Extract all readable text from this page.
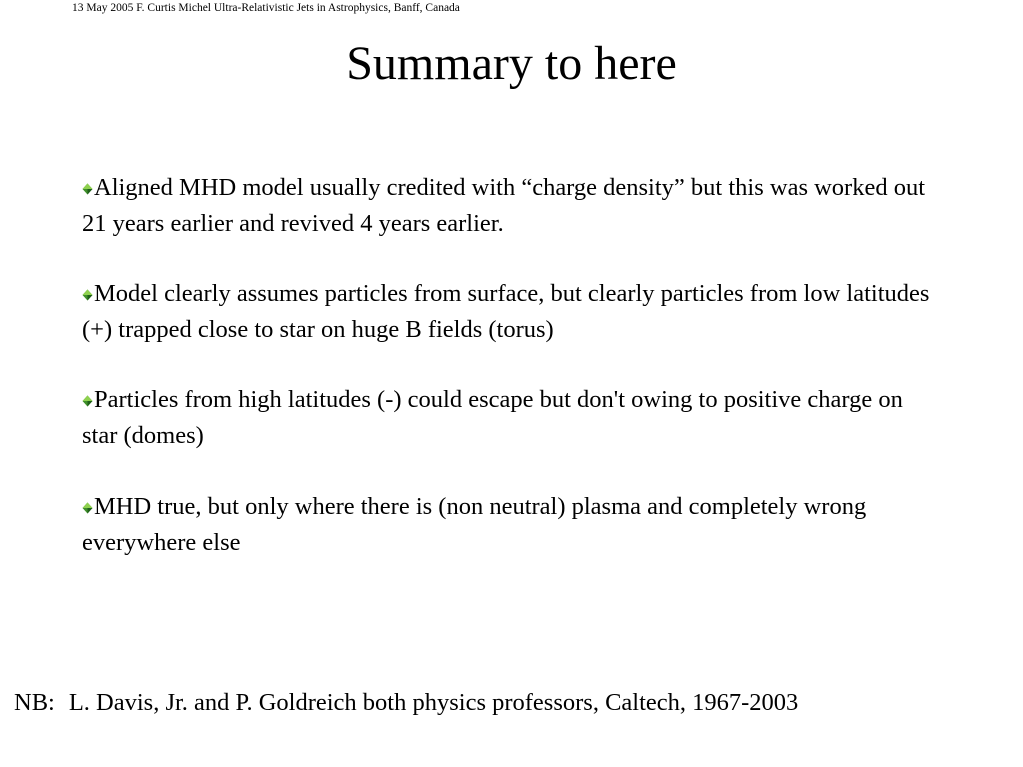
13 May 2005 F. Curtis Michel Ultra-Relativistic Jets in Astrophysics, Banff, Canada
Summary to here
Aligned MHD model usually credited with “charge density” but this was worked out 21 years earlier and revived 4 years earlier.
Model clearly assumes particles from surface, but clearly particles from low latitudes (+) trapped close to star on huge B fields (torus)
Particles from high latitudes (-) could escape but don't owing to positive charge on star (domes)
MHD true, but only where there is (non neutral) plasma and completely wrong everywhere else
NB: L. Davis, Jr. and P. Goldreich both physics professors, Caltech, 1967-2003
